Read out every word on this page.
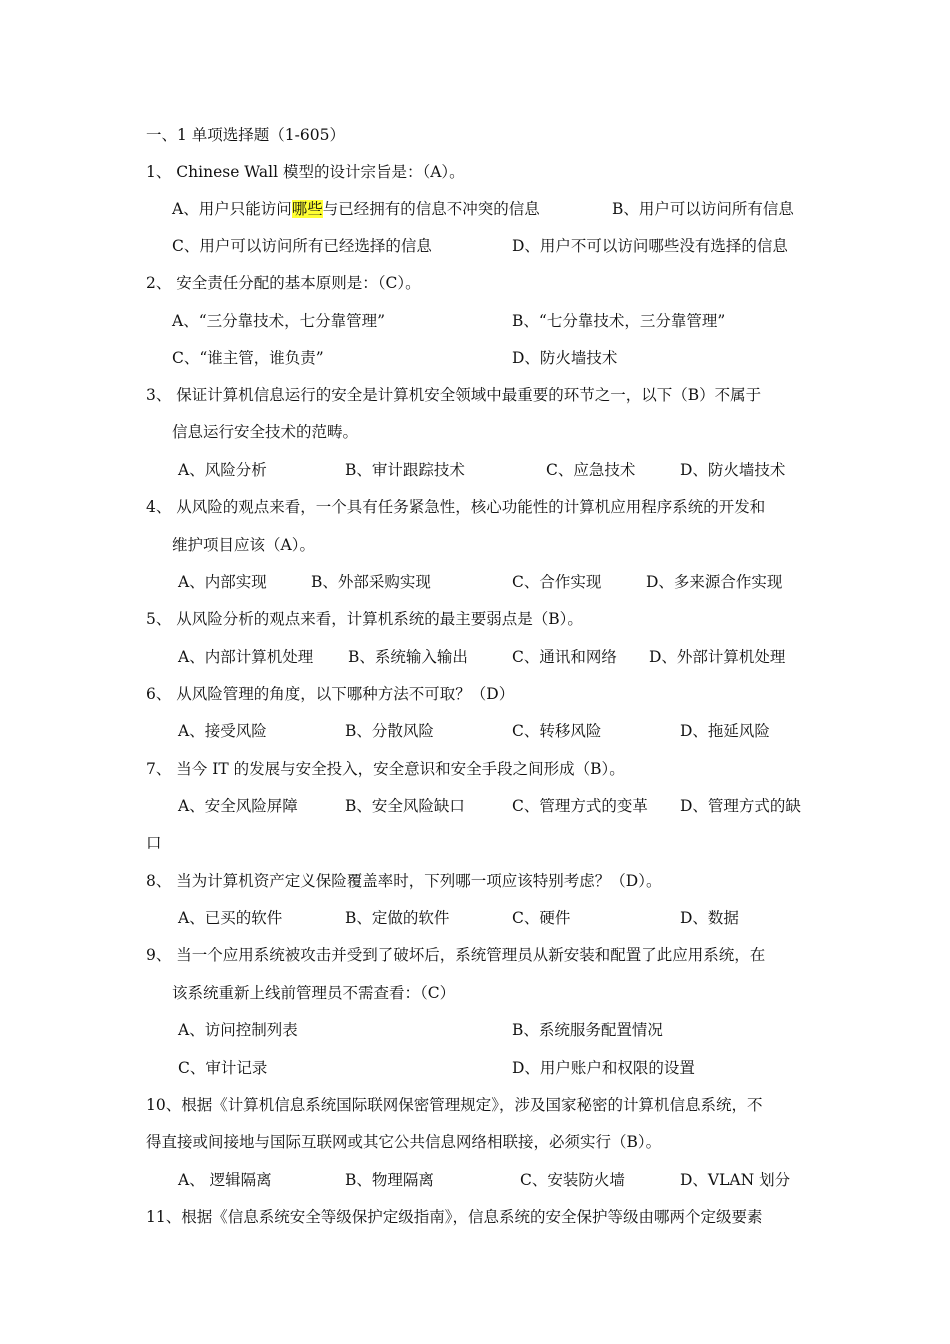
一、1 单项选择题（1-605）
1、 Chinese Wall 模型的设计宗旨是：（A）。
A、用户只能访问哪些与已经拥有的信息不冲突的信息	B、用户可以访问所有信息
C、用户可以访问所有已经选择的信息	D、用户不可以访问哪些没有选择的信息
2、 安全责任分配的基本原则是：（C）。
A、“三分靠技术，七分靠管理”	B、“七分靠技术，三分靠管理”
C、“谁主管，谁负责”	D、防火墙技术
3、 保证计算机信息运行的安全是计算机安全领域中最重要的环节之一，以下（B）不属于
信息运行安全技术的范畴。
A、风险分析	B、审计跟踪技术	C、应急技术	D、防火墙技术
4、 从风险的观点来看，一个具有任务紧急性，核心功能性的计算机应用程序系统的开发和
维护项目应该（A）。
A、内部实现	B、外部采购实现	C、合作实现	D、多来源合作实现
5、 从风险分析的观点来看，计算机系统的最主要弱点是（B）。
A、内部计算机处理 B、系统输入输出	C、通讯和网络 D、外部计算机处理
6、 从风险管理的角度，以下哪种方法不可取？（D）
A、接受风险	B、分散风险	C、转移风险	D、拖延风险
7、 当今 IT 的发展与安全投入，安全意识和安全手段之间形成（B）。
A、安全风险屏障	B、安全风险缺口	C、管理方式的变革 D、管理方式的缺
口
8、 当为计算机资产定义保险覆盖率时，下列哪一项应该特别考虑？（D）。
A、已买的软件	B、定做的软件	C、硬件	D、数据
9、 当一个应用系统被攻击并受到了破坏后，系统管理员从新安装和配置了此应用系统，在
该系统重新上线前管理员不需查看：（C）
A、访问控制列表	B、系统服务配置情况
C、审计记录	D、用户账户和权限的设置
10、根据《计算机信息系统国际联网保密管理规定》，涉及国家秘密的计算机信息系统，不
得直接或间接地与国际互联网或其它公共信息网络相联接，必须实行（B）。
A、 逻辑隔离	B、物理隔离	C、安装防火墙	D、VLAN 划分
11、根据《信息系统安全等级保护定级指南》，信息系统的安全保护等级由哪两个定级要素
